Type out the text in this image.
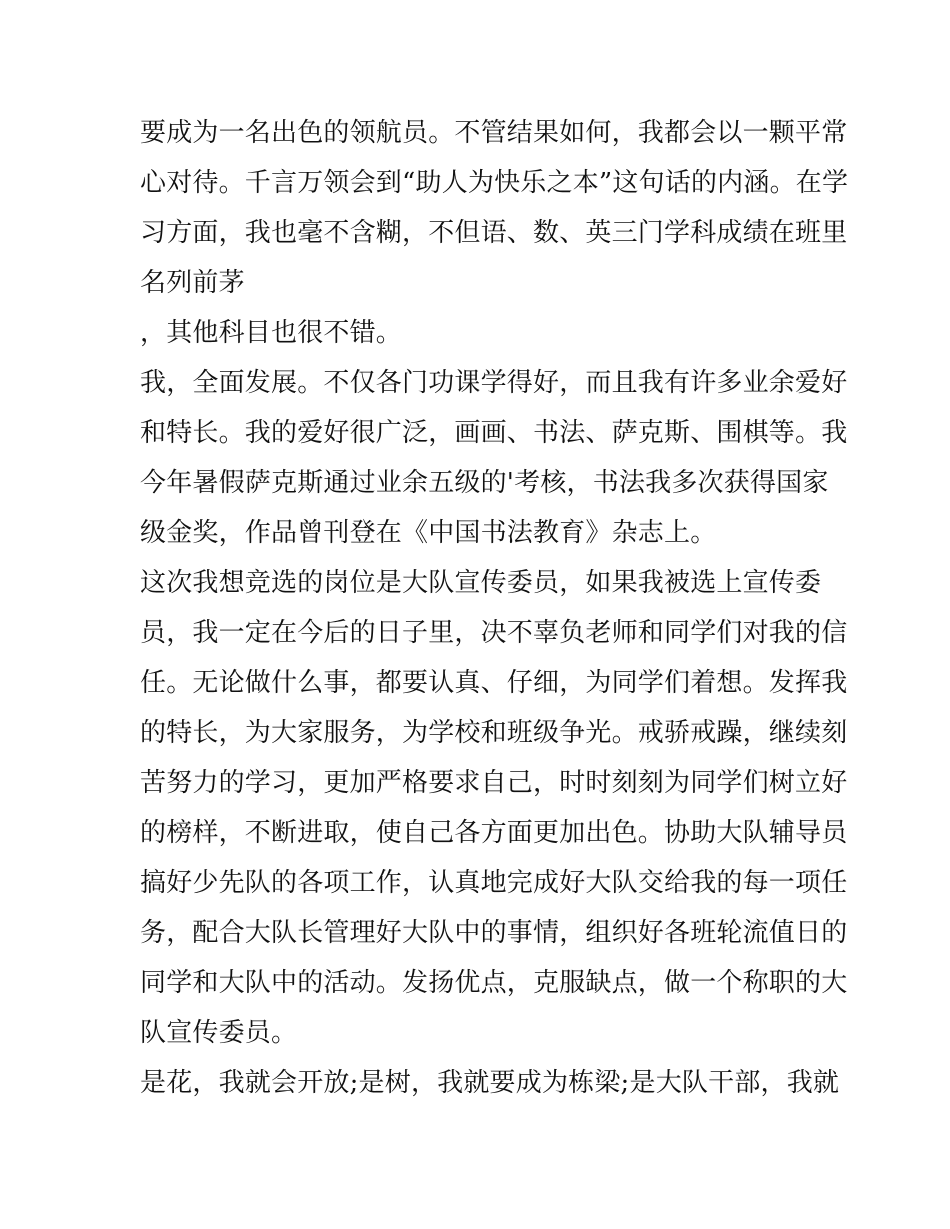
要成为一名出色的领航员。不管结果如何，我都会以一颗平常
心对待。千言万领会到“助人为快乐之本”这句话的内涵。在学
习方面，我也毫不含糊，不但语、数、英三门学科成绩在班里
名列前茅
，其他科目也很不错。
我，全面发展。不仅各门功课学得好，而且我有许多业余爱好
和特长。我的爱好很广泛，画画、书法、萨克斯、围棋等。我
今年暑假萨克斯通过业余五级的'考核，书法我多次获得国家
级金奖，作品曾刊登在《中国书法教育》杂志上。
这次我想竞选的岗位是大队宣传委员，如果我被选上宣传委
员，我一定在今后的日子里，决不辜负老师和同学们对我的信
任。无论做什么事，都要认真、仔细，为同学们着想。发挥我
的特长，为大家服务，为学校和班级争光。戒骄戒躁，继续刻
苦努力的学习，更加严格要求自己，时时刻刻为同学们树立好
的榜样，不断进取，使自己各方面更加出色。协助大队辅导员
搞好少先队的各项工作，认真地完成好大队交给我的每一项任
务，配合大队长管理好大队中的事情，组织好各班轮流值日的
同学和大队中的活动。发扬优点，克服缺点，做一个称职的大
队宣传委员。
是花，我就会开放;是树，我就要成为栋梁;是大队干部，我就
